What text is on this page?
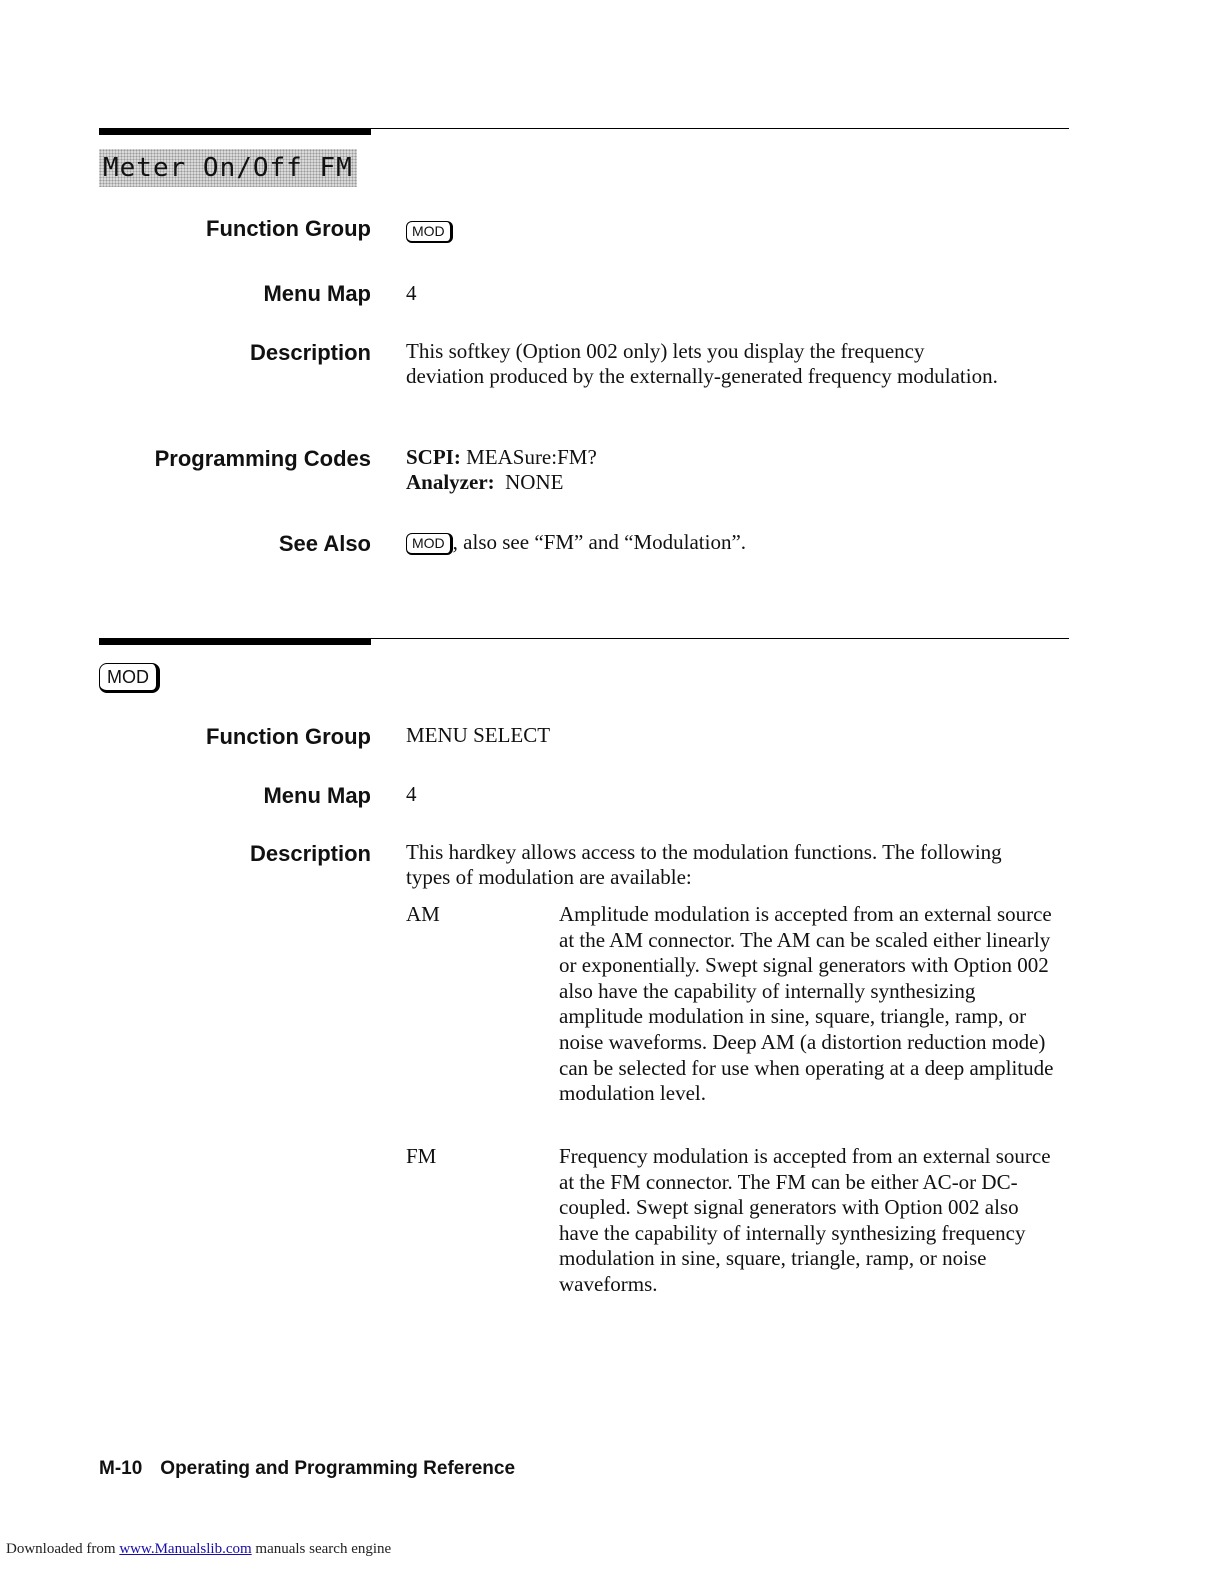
Meter On/Off FM
Function Group	MOD
Menu Map 4
Description This softkey (Option 002 only) lets you display the frequency deviation produced by the externally-generated frequency modulation.
Programming Codes SCPI: MEASure:FM?
Analyzer: NONE
See Also	MOD , also see “FM” and “Modulation”.
MOD
Function Group MENU SELECT
Menu Map 4
Description This hardkey allows access to the modulation functions. The following types of modulation are available:
AM	Amplitude modulation is accepted from an external source at the AM connector. The AM can be scaled either linearly or exponentially. Swept signal generators with Option 002 also have the capability of internally synthesizing amplitude modulation in sine, square, triangle, ramp, or noise waveforms. Deep AM (a distortion reduction mode) can be selected for use when operating at a deep amplitude modulation level.
FM	Frequency modulation is accepted from an external source at the FM connector. The FM can be either AC-or DC-coupled. Swept signal generators with Option 002 also have the capability of internally synthesizing frequency modulation in sine, square, triangle, ramp, or noise waveforms.
M-10 Operating and Programming Reference
Downloaded from www.Manualslib.com manuals search engine
